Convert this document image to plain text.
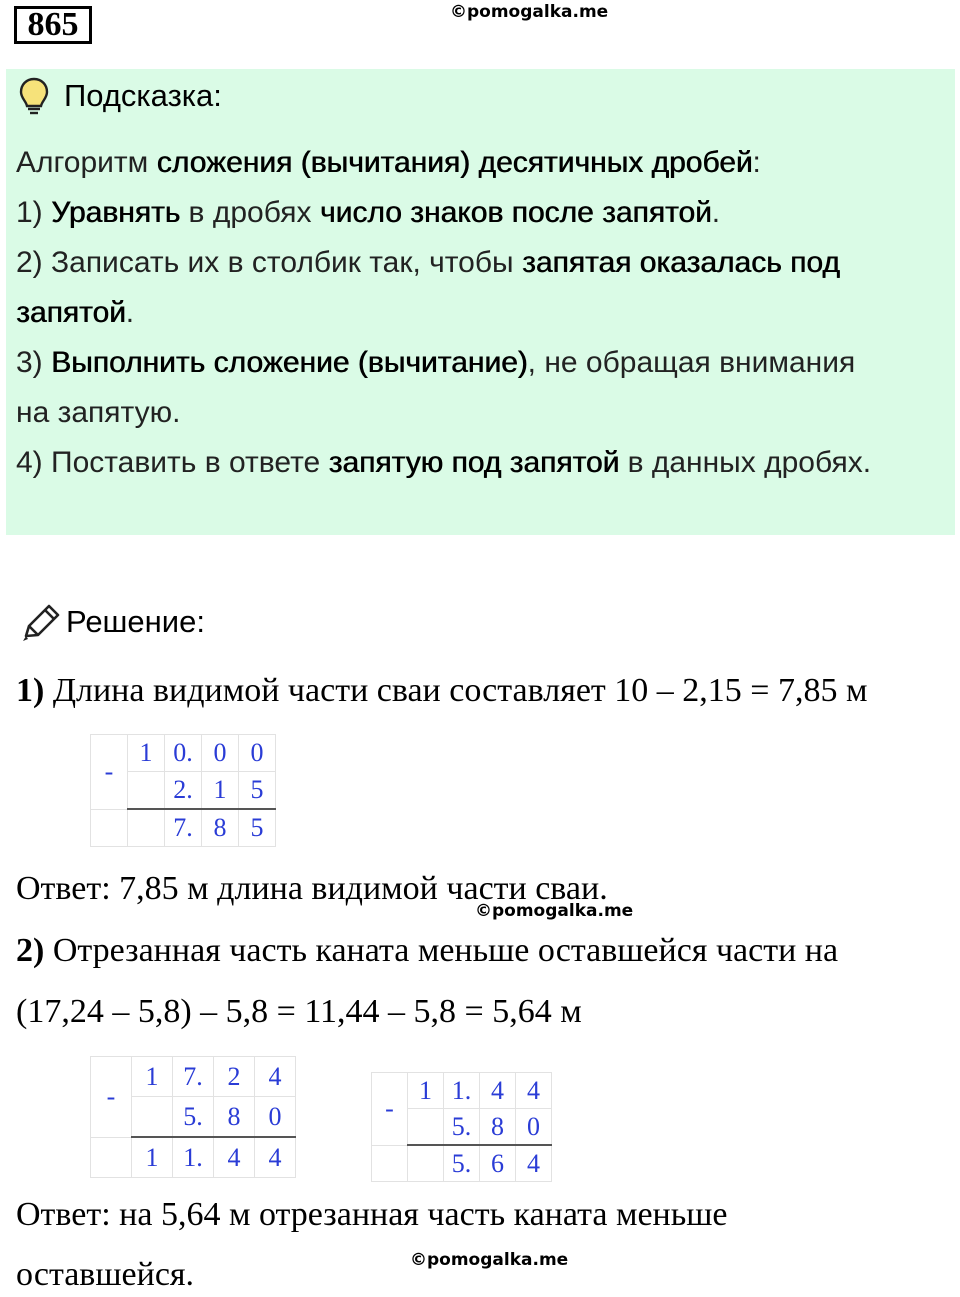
865	©pomogalka.me
Подсказка:
Алгоритм сложения (вычитания) десятичных дробей:
1) Уравнять в дробях число знаков после запятой.
2) Записать их в столбик так, чтобы запятая оказалась под
запятой.
3) Выполнить сложение (вычитание), не обращая внимания
на запятую.
4) Поставить в ответе запятую под запятой в данных дробях.
Решение:
1) Длина видимой части сваи составляет 10 – 2,15 = 7,85 м
-	1	0.	0	0
		2.	1	5
		7.	8	5
Ответ: 7,85 м длина видимой части сваи.
©pomogalka.me
2) Отрезанная часть каната меньше оставшейся части на
(17,24 – 5,8) – 5,8 = 11,44 – 5,8 = 5,64 м
-	1	7.	2	4
		5.	8	0
	1	1.	4	4
-	1	1.	4	4
		5.	8	0
		5.	6	4
Ответ: на 5,64 м отрезанная часть каната меньше
оставшейся.	©pomogalka.me
